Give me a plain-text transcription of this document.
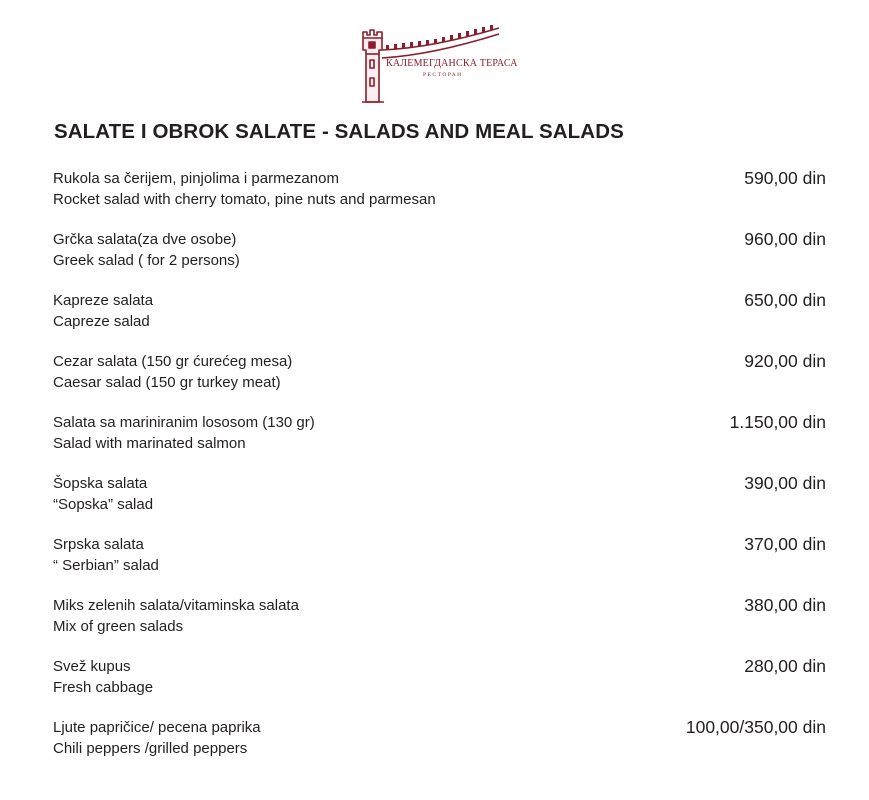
КАЛЕМЕГДАНСКА ТЕРАСА
РЕСТОРАН
SALATE I OBROK SALATE - SALADS AND MEAL SALADS
Rukola sa čerijem, pinjolima i parmezanom
Rocket salad with cherry tomato, pine nuts and parmesan
590,00 din
Grčka salata(za dve osobe)
Greek salad ( for 2 persons)
960,00 din
Kapreze salata
Capreze salad
650,00 din
Cezar salata (150 gr ćurećeg mesa)
Caesar salad (150 gr turkey meat)
920,00 din
Salata sa mariniranim lososom (130 gr)
Salad with marinated salmon
1.150,00 din
Šopska salata
“Sopska” salad
390,00 din
Srpska salata
“ Serbian” salad
370,00 din
Miks zelenih salata/vitaminska salata
Mix of green salads
380,00 din
Svež kupus
Fresh cabbage
280,00 din
Ljute papričice/ pecena paprika
Chili peppers /grilled peppers
100,00/350,00 din
